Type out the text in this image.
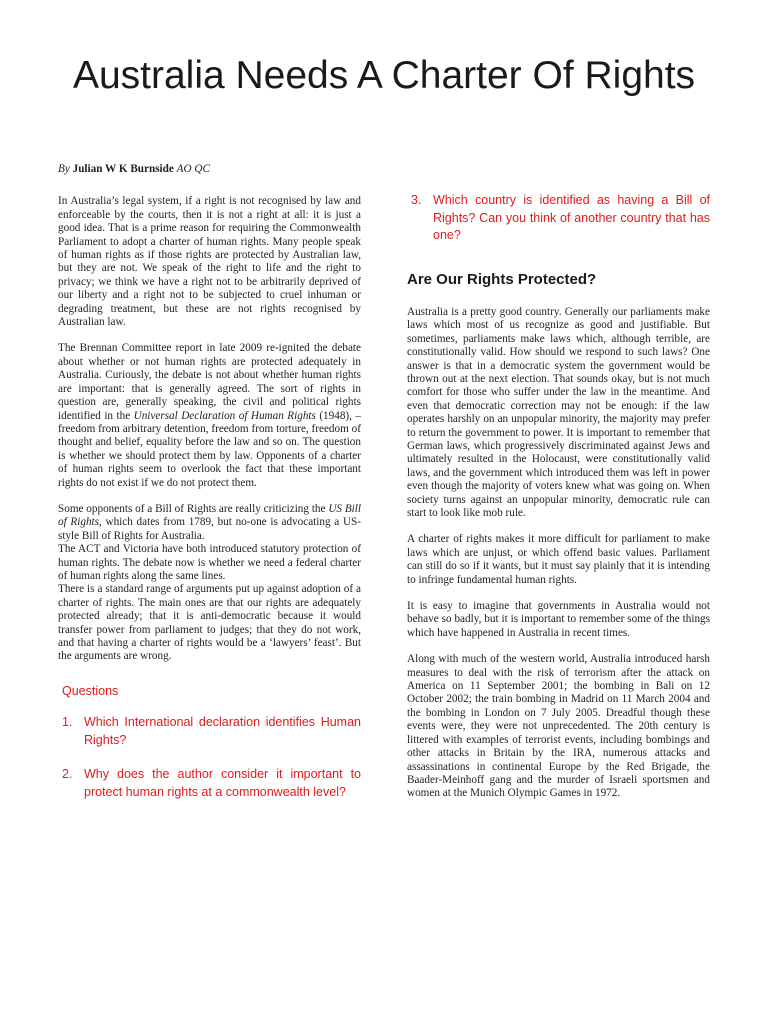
Australia Needs A Charter Of Rights
By Julian W K Burnside AO QC

In Australia’s legal system, if a right is not recognised by law and enforceable by the courts, then it is not a right at all: it is just a good idea. That is a prime reason for requiring the Commonwealth Parliament to adopt a charter of human rights. Many people speak of human rights as if those rights are protected by Australian law, but they are not. We speak of the right to life and the right to privacy; we think we have a right not to be arbitrarily deprived of our liberty and a right not to be subjected to cruel inhuman or degrading treatment, but these are not rights recognised by Australian law.

The Brennan Committee report in late 2009 re-ignited the debate about whether or not human rights are protected adequately in Australia. Curiously, the debate is not about whether human rights are important: that is generally agreed. The sort of rights in question are, generally speaking, the civil and political rights identified in the Universal Declaration of Human Rights (1948), – freedom from arbitrary detention, freedom from torture, freedom of thought and belief, equality before the law and so on. The question is whether we should protect them by law. Opponents of a charter of human rights seem to overlook the fact that these important rights do not exist if we do not protect them.

Some opponents of a Bill of Rights are really criticizing the US Bill of Rights, which dates from 1789, but no-one is advocating a US-style Bill of Rights for Australia.

The ACT and Victoria have both introduced statutory protection of human rights. The debate now is whether we need a federal charter of human rights along the same lines.

There is a standard range of arguments put up against adoption of a charter of rights. The main ones are that our rights are adequately protected already; that it is anti-democratic because it would transfer power from parliament to judges; that they do not work, and that having a charter of rights would be a ‘lawyers’ feast’. But the arguments are wrong.

Questions
1. Which International declaration identifies Human Rights?
2. Why does the author consider it important to protect human rights at a commonwealth level?
3. Which country is identified as having a Bill of Rights? Can you think of another country that has one?
Are Our Rights Protected?

Australia is a pretty good country. Generally our parliaments make laws which most of us recognize as good and justifiable. But sometimes, parliaments make laws which, although terrible, are constitutionally valid. How should we respond to such laws? One answer is that in a democratic system the government would be thrown out at the next election. That sounds okay, but is not much comfort for those who suffer under the law in the meantime. And even that democratic correction may not be enough: if the law operates harshly on an unpopular minority, the majority may prefer to return the government to power. It is important to remember that German laws, which progressively discriminated against Jews and ultimately resulted in the Holocaust, were constitutionally valid laws, and the government which introduced them was left in power even though the majority of voters knew what was going on. When society turns against an unpopular minority, democratic rule can start to look like mob rule.

A charter of rights makes it more difficult for parliament to make laws which are unjust, or which offend basic values. Parliament can still do so if it wants, but it must say plainly that it is intending to infringe fundamental human rights.

It is easy to imagine that governments in Australia would not behave so badly, but it is important to remember some of the things which have happened in Australia in recent times.

Along with much of the western world, Australia introduced harsh measures to deal with the risk of terrorism after the attack on America on 11 September 2001; the bombing in Bali on 12 October 2002; the train bombing in Madrid on 11 March 2004 and the bombing in London on 7 July 2005. Dreadful though these events were, they were not unprecedented. The 20th century is littered with examples of terrorist events, including bombings and other attacks in Britain by the IRA, numerous attacks and assassinations in continental Europe by the Red Brigade, the Baader-Meinhoff gang and the murder of Israeli sportsmen and women at the Munich Olympic Games in 1972.
